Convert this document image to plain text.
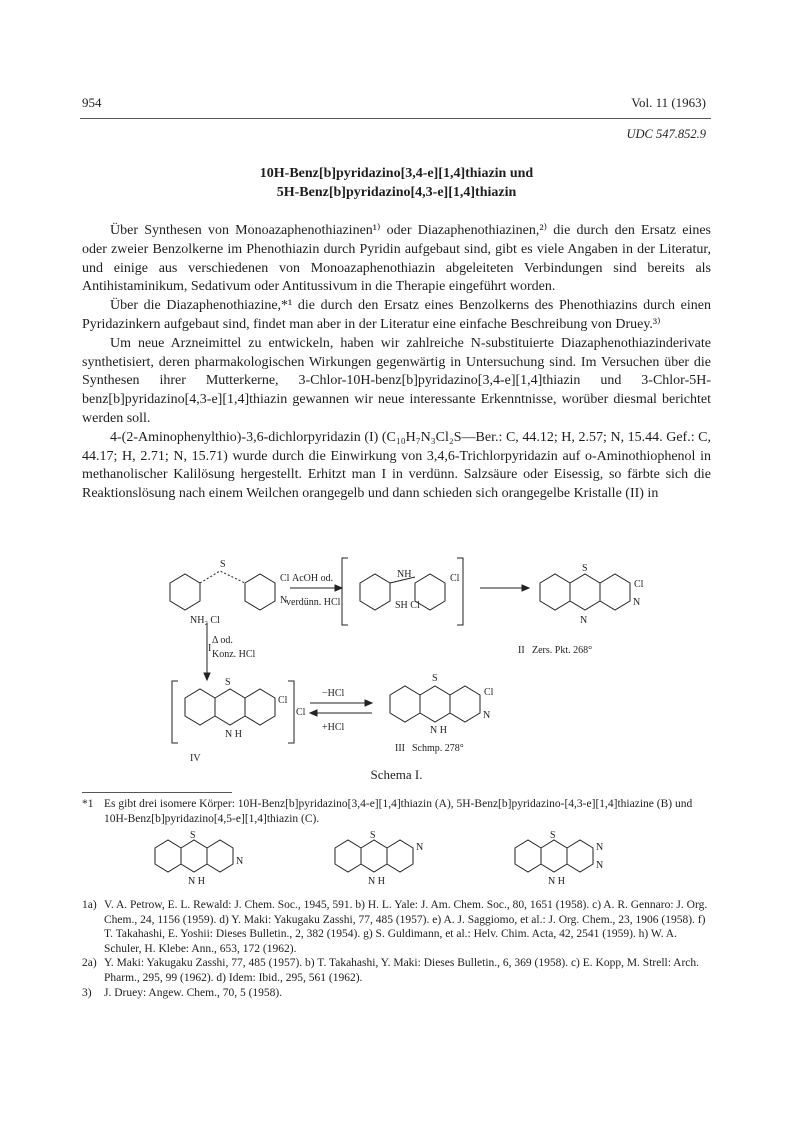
954	Vol. 11 (1963)
UDC 547.852.9
10H-Benz[b]pyridazino[3,4-e][1,4]thiazin und
5H-Benz[b]pyridazino[4,3-e][1,4]thiazin

Über Synthesen von Monoazaphenothiazinen¹⁾ oder Diazaphenothiazinen,²⁾ die durch den Ersatz eines oder zweier Benzolkerne im Phenothiazin durch Pyridin aufgebaut sind, gibt es viele Angaben in der Literatur, und einige aus verschiedenen von Monoazaphenothiazin abgeleiteten Verbindungen sind bereits als Antihistaminikum, Sedativum oder Antitussivum in die Therapie eingeführt worden.

Über die Diazaphenothiazine,*¹ die durch den Ersatz eines Benzolkerns des Phenothiazins durch einen Pyridazinkern aufgebaut sind, findet man aber in der Literatur eine einfache Beschreibung von Druey.³⁾

Um neue Arzneimittel zu entwickeln, haben wir zahlreiche N-substituierte Diazaphenothiazinderivate synthetisiert, deren pharmakologischen Wirkungen gegenwärtig in Untersuchung sind. Im Versuchen über die Synthesen ihrer Mutterkerne, 3-Chlor-10H-benz[b]pyridazino[3,4-e][1,4]thiazin und 3-Chlor-5H-benz[b]pyridazino[4,3-e][1,4]thiazin gewannen wir neue interessante Erkenntnisse, worüber diesmal berichtet werden soll.

4-(2-Aminophenylthio)-3,6-dichlorpyridazin (I) (C₁₀H₇N₃Cl₂S—Ber.: C, 44.12; H, 2.57; N, 15.44. Gef.: C, 44.17; H, 2.71; N, 15.71) wurde durch die Einwirkung von 3,4,6-Trichlorpyridazin auf o-Aminothiophenol in methanolischer Kalilösung hergestellt. Erhitzt man I in verdünn. Salzsäure oder Eisessig, so färbte sich die Reaktionslösung nach einem Weilchen orangegelb und dann schieden sich orangegelbe Kristalle (II) in

S
Cl
N
NH₂ Cl
I
AcOH od.
verdünn. HCl
NH	Cl
SH Cl
S
Cl
N
N
II Zers. Pkt. 268°
Δ od.
Konz. HCl
S
Cl
N H
Cl
−HCl
+HCl
S
Cl
N
N H
IV
III Schmp. 278°
Schema I.
*1 Es gibt drei isomere Körper: 10H-Benz[b]pyridazino[3,4-e][1,4]thiazin (A), 5H-Benz[b]pyridazino-[4,3-e][1,4]thiazine (B) und 10H-Benz[b]pyridazino[4,5-e][1,4]thiazin (C).
S
N
N H
S
N
N H
S
N
N
N H
1a) V. A. Petrow, E. L. Rewald: J. Chem. Soc., 1945, 591. b) H. L. Yale: J. Am. Chem. Soc., 80, 1651 (1958). c) A. R. Gennaro: J. Org. Chem., 24, 1156 (1959). d) Y. Maki: Yakugaku Zasshi, 77, 485 (1957). e) A. J. Saggiomo, et al.: J. Org. Chem., 23, 1906 (1958). f) T. Takahashi, E. Yoshii: Dieses Bulletin., 2, 382 (1954). g) S. Guldimann, et al.: Helv. Chim. Acta, 42, 2541 (1959). h) W. A. Schuler, H. Klebe: Ann., 653, 172 (1962).
2a) Y. Maki: Yakugaku Zasshi, 77, 485 (1957). b) T. Takahashi, Y. Maki: Dieses Bulletin., 6, 369 (1958). c) E. Kopp, M. Strell: Arch. Pharm., 295, 99 (1962). d) Idem: Ibid., 295, 561 (1962).
3)	J. Druey: Angew. Chem., 70, 5 (1958).
